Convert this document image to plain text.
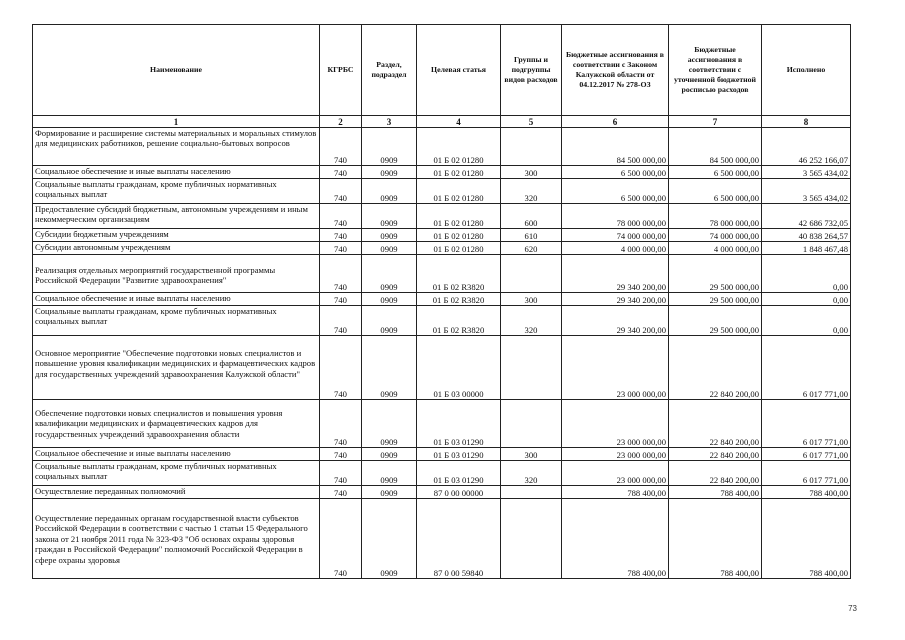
Наименование	КГРБС	Раздел, подраздел	Целевая статья	Группы и подгруппы видов расходов	Бюджетные ассигнования в соответствии с Законом Калужской области от 04.12.2017 № 278-ОЗ	Бюджетные ассигнования в соответствии с уточненной бюджетной росписью расходов	Исполнено
1	2	3	4	5	6	7	8
Формирование и расширение системы материальных и моральных стимулов для медицинских работников, решение социально-бытовых вопросов	740	0909	01 Б 02 01280		84 500 000,00	84 500 000,00	46 252 166,07
Социальное обеспечение и иные выплаты населению	740	0909	01 Б 02 01280	300	6 500 000,00	6 500 000,00	3 565 434,02
Социальные выплаты гражданам, кроме публичных нормативных социальных выплат	740	0909	01 Б 02 01280	320	6 500 000,00	6 500 000,00	3 565 434,02
Предоставление субсидий бюджетным, автономным учреждениям и иным некоммерческим организациям	740	0909	01 Б 02 01280	600	78 000 000,00	78 000 000,00	42 686 732,05
Субсидии бюджетным учреждениям	740	0909	01 Б 02 01280	610	74 000 000,00	74 000 000,00	40 838 264,57
Субсидии автономным учреждениям	740	0909	01 Б 02 01280	620	4 000 000,00	4 000 000,00	1 848 467,48
Реализация отдельных мероприятий государственной программы Российской Федерации "Развитие здравоохранения"	740	0909	01 Б 02 R3820		29 340 200,00	29 500 000,00	0,00
Социальное обеспечение и иные выплаты населению	740	0909	01 Б 02 R3820	300	29 340 200,00	29 500 000,00	0,00
Социальные выплаты гражданам, кроме публичных нормативных социальных выплат	740	0909	01 Б 02 R3820	320	29 340 200,00	29 500 000,00	0,00
Основное мероприятие "Обеспечение подготовки новых специалистов и повышение уровня квалификации медицинских и фармацевтических кадров для государственных учреждений здравоохранения Калужской области"	740	0909	01 Б 03 00000		23 000 000,00	22 840 200,00	6 017 771,00
Обеспечение подготовки новых специалистов и повышения уровня квалификации медицинских и фармацевтических кадров для государственных учреждений здравоохранения области	740	0909	01 Б 03 01290		23 000 000,00	22 840 200,00	6 017 771,00
Социальное обеспечение и иные выплаты населению	740	0909	01 Б 03 01290	300	23 000 000,00	22 840 200,00	6 017 771,00
Социальные выплаты гражданам, кроме публичных нормативных социальных выплат	740	0909	01 Б 03 01290	320	23 000 000,00	22 840 200,00	6 017 771,00
Осуществление переданных полномочий	740	0909	87 0 00 00000		788 400,00	788 400,00	788 400,00
Осуществление переданных органам государственной власти субъектов Российской Федерации в соответствии с частью 1 статьи 15 Федерального закона от 21 ноября 2011 года № 323-ФЗ "Об основах охраны здоровья граждан в Российской Федерации" полномочий Российской Федерации в сфере охраны здоровья	740	0909	87 0 00 59840		788 400,00	788 400,00	788 400,00
73
